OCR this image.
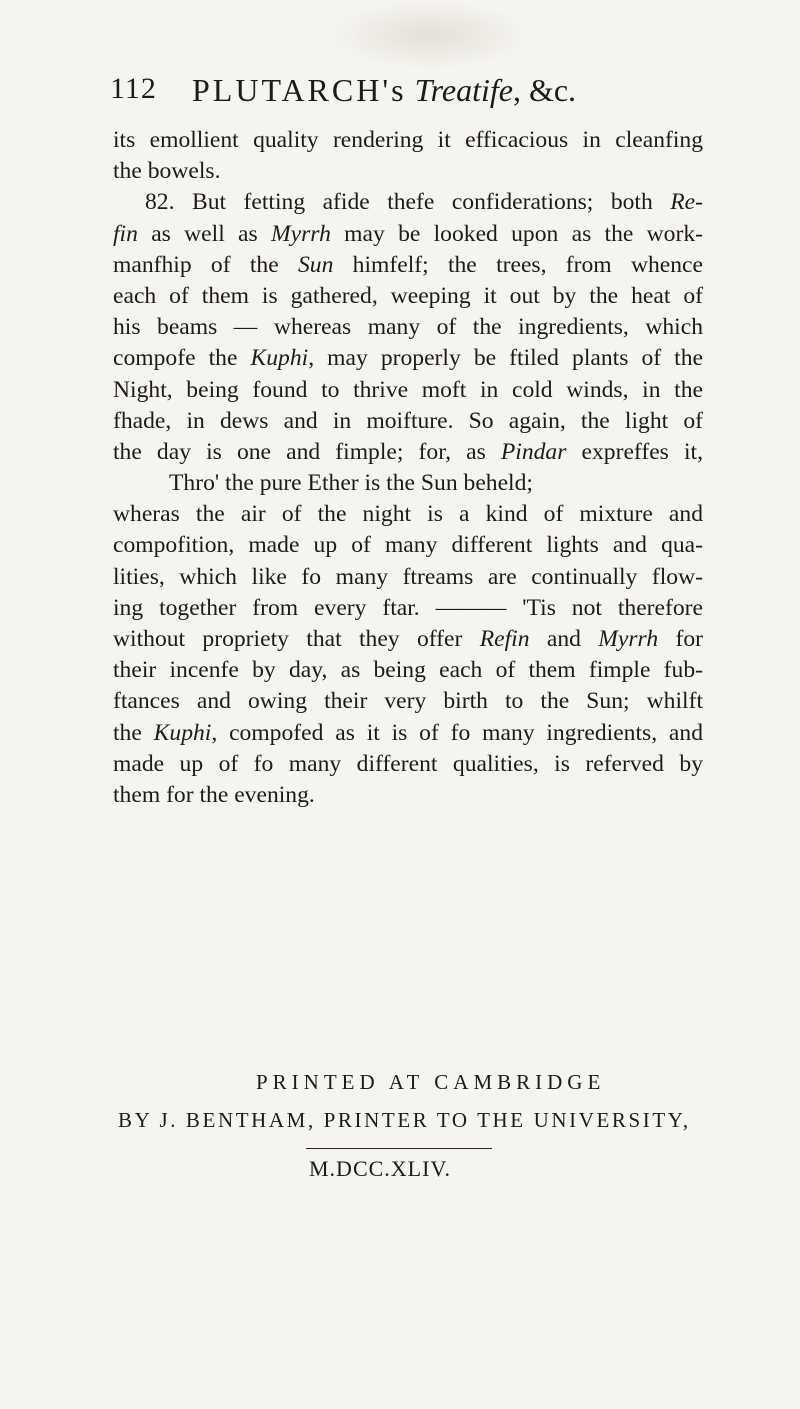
112 PLUTARCH's Treatife, &c.
its emollient quality rendering it efficacious in cleanfing
the bowels.
82. But fetting afide thefe confiderations; both Re-
fin as well as Myrrh may be looked upon as the work-
manfhip of the Sun himfelf; the trees, from whence
each of them is gathered, weeping it out by the heat of
his beams — whereas many of the ingredients, which
compofe the Kuphi, may properly be ftiled plants of the
Night, being found to thrive moft in cold winds, in the
fhade, in dews and in moifture. So again, the light of
the day is one and fimple; for, as Pindar expreffes it,
Thro' the pure Ether is the Sun beheld;
wheras the air of the night is a kind of mixture and
compofition, made up of many different lights and qua-
lities, which like fo many ftreams are continually flow-
ing together from every ftar. ——— 'Tis not therefore
without propriety that they offer Refin and Myrrh for
their incenfe by day, as being each of them fimple fub-
ftances and owing their very birth to the Sun; whilft
the Kuphi, compofed as it is of fo many ingredients, and
made up of fo many different qualities, is referved by
them for the evening.
PRINTED AT CAMBRIDGE
BY J. BENTHAM, PRINTER TO THE UNIVERSITY,
M.DCC.XLIV.
